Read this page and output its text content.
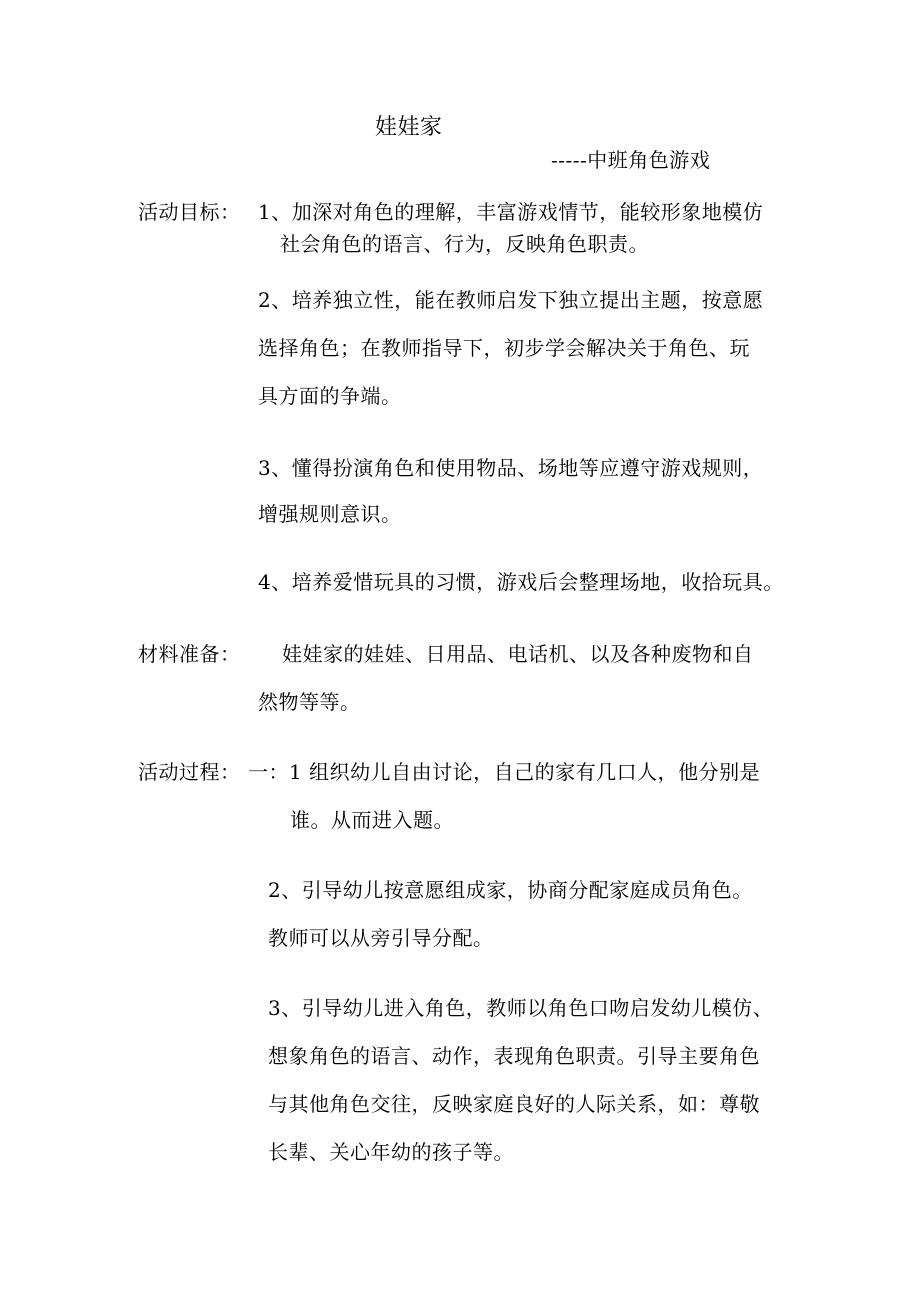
娃娃家
-----中班角色游戏
活动目标： 1、加深对角色的理解，丰富游戏情节，能较形象地模仿
社会角色的语言、行为，反映角色职责。
2、培养独立性，能在教师启发下独立提出主题，按意愿
选择角色；在教师指导下，初步学会解决关于角色、玩
具方面的争端。
3、懂得扮演角色和使用物品、场地等应遵守游戏规则，
增强规则意识。
4、培养爱惜玩具的习惯，游戏后会整理场地，收拾玩具。
材料准备： 娃娃家的娃娃、日用品、电话机、以及各种废物和自
然物等等。
活动过程： 一：1 组织幼儿自由讨论，自己的家有几口人，他分别是
谁。从而进入题。
2、引导幼儿按意愿组成家，协商分配家庭成员角色。
教师可以从旁引导分配。
3、引导幼儿进入角色，教师以角色口吻启发幼儿模仿、
想象角色的语言、动作，表现角色职责。引导主要角色
与其他角色交往，反映家庭良好的人际关系，如：尊敬
长辈、关心年幼的孩子等。
